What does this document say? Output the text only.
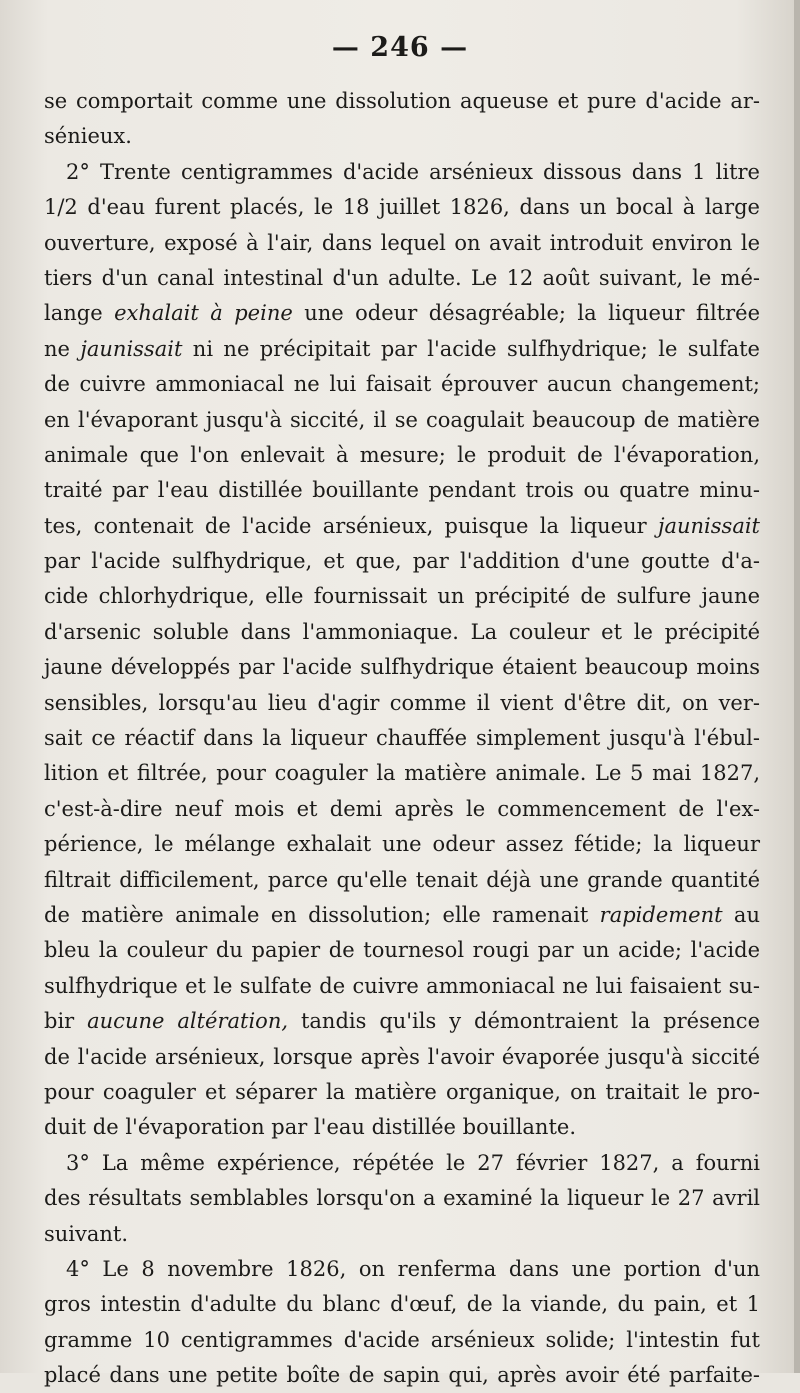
— 246 —
se comportait comme une dissolution aqueuse et pure d'acide ar-
sénieux.
2° Trente centigrammes d'acide arsénieux dissous dans 1 litre
1/2 d'eau furent placés, le 18 juillet 1826, dans un bocal à large
ouverture, exposé à l'air, dans lequel on avait introduit environ le
tiers d'un canal intestinal d'un adulte. Le 12 août suivant, le mé-
lange exhalait à peine une odeur désagréable; la liqueur filtrée
ne jaunissait ni ne précipitait par l'acide sulfhydrique; le sulfate
de cuivre ammoniacal ne lui faisait éprouver aucun changement;
en l'évaporant jusqu'à siccité, il se coagulait beaucoup de matière
animale que l'on enlevait à mesure; le produit de l'évaporation,
traité par l'eau distillée bouillante pendant trois ou quatre minu-
tes, contenait de l'acide arsénieux, puisque la liqueur jaunissait
par l'acide sulfhydrique, et que, par l'addition d'une goutte d'a-
cide chlorhydrique, elle fournissait un précipité de sulfure jaune
d'arsenic soluble dans l'ammoniaque. La couleur et le précipité
jaune développés par l'acide sulfhydrique étaient beaucoup moins
sensibles, lorsqu'au lieu d'agir comme il vient d'être dit, on ver-
sait ce réactif dans la liqueur chauffée simplement jusqu'à l'ébul-
lition et filtrée, pour coaguler la matière animale. Le 5 mai 1827,
c'est-à-dire neuf mois et demi après le commencement de l'ex-
périence, le mélange exhalait une odeur assez fétide; la liqueur
filtrait difficilement, parce qu'elle tenait déjà une grande quantité
de matière animale en dissolution; elle ramenait rapidement au
bleu la couleur du papier de tournesol rougi par un acide; l'acide
sulfhydrique et le sulfate de cuivre ammoniacal ne lui faisaient su-
bir aucune altération, tandis qu'ils y démontraient la présence
de l'acide arsénieux, lorsque après l'avoir évaporée jusqu'à siccité
pour coaguler et séparer la matière organique, on traitait le pro-
duit de l'évaporation par l'eau distillée bouillante.
3° La même expérience, répétée le 27 février 1827, a fourni
des résultats semblables lorsqu'on a examiné la liqueur le 27 avril
suivant.
4° Le 8 novembre 1826, on renferma dans une portion d'un
gros intestin d'adulte du blanc d'œuf, de la viande, du pain, et 1
gramme 10 centigrammes d'acide arsénieux solide; l'intestin fut
placé dans une petite boîte de sapin qui, après avoir été parfaite-
